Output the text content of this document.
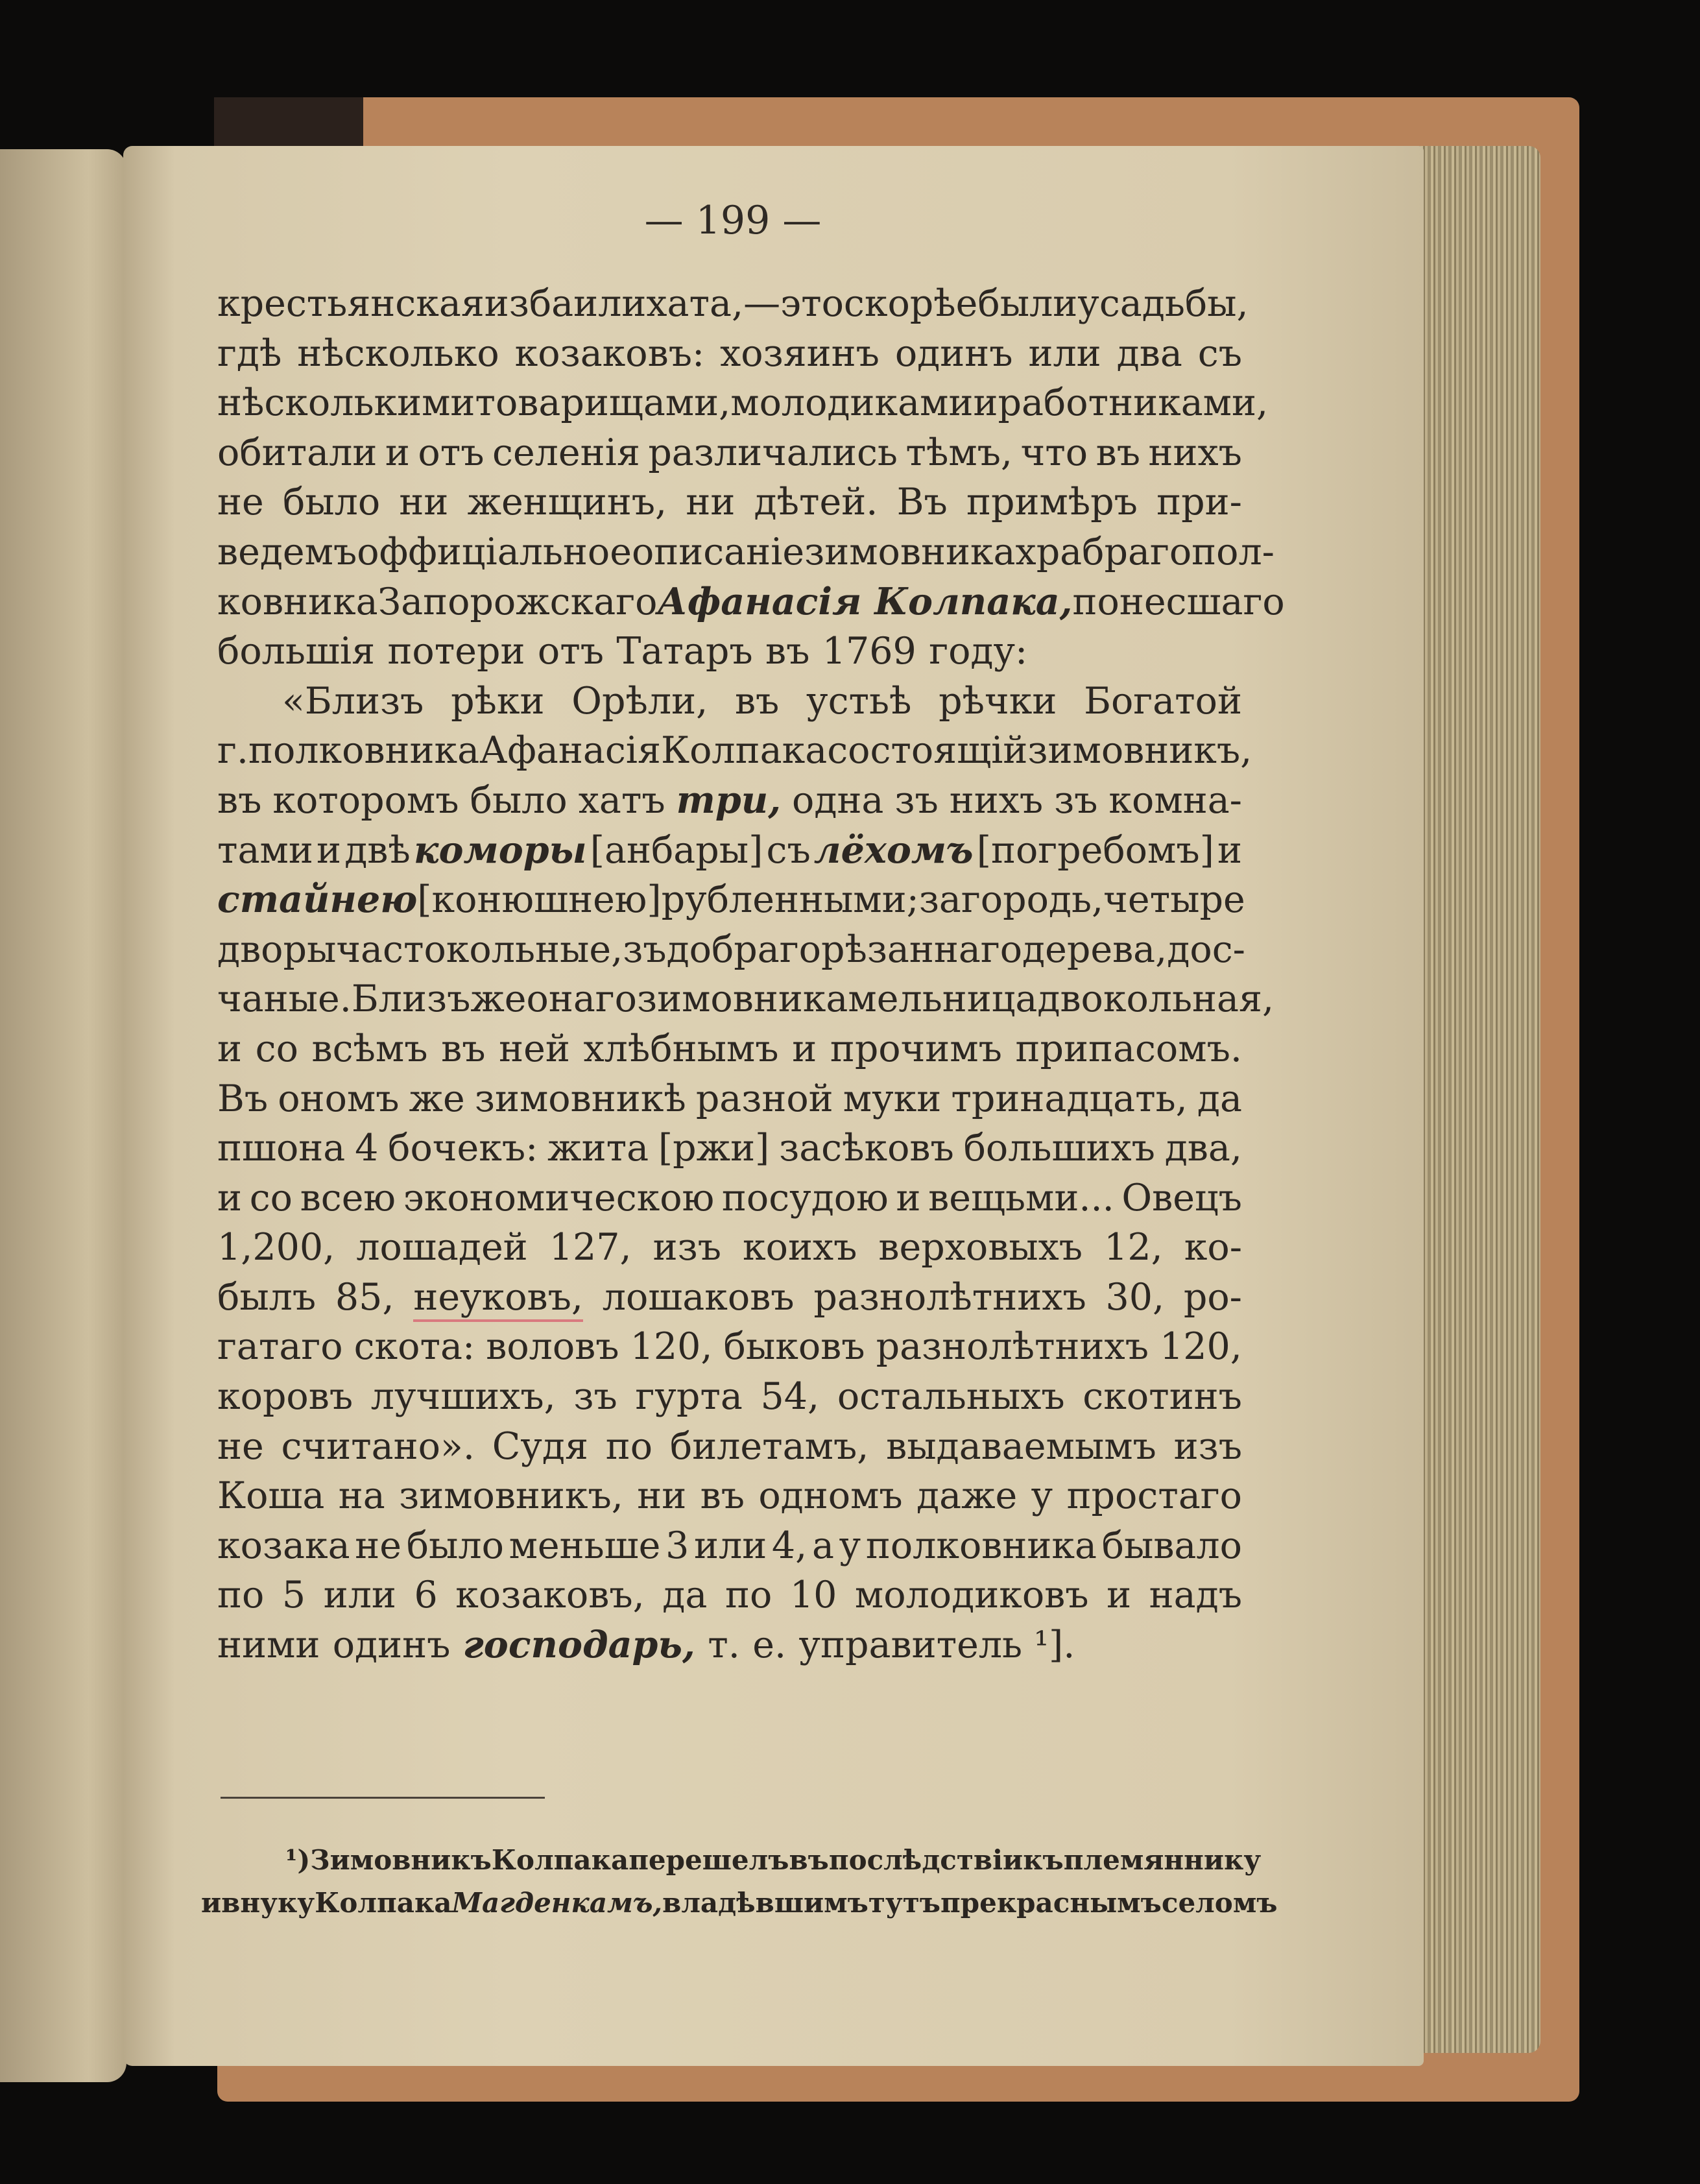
— 199 —
крестьянская изба или хата,—это скорѣе были усадьбы,
гдѣ нѣсколько козаковъ: хозяинъ одинъ или два съ
нѣсколькими товарищами, молодиками и работниками,
обитали и отъ селенія различались тѣмъ, что въ нихъ
не было ни женщинъ, ни дѣтей. Въ примѣръ при-
ведемъ оффиціальное описаніе зимовника храбраго пол-
ковника Запорожскаго Афанасія Колпака, понесшаго
большія потери отъ Татаръ въ 1769 году:
«Близъ рѣки Орѣли, въ устьѣ рѣчки Богатой
г. полковника Афанасія Колпака состоящій зимовникъ,
въ которомъ было хатъ три, одна зъ нихъ зъ комна-
тами и двѣ коморы [анбары] съ лёхомъ [погребомъ] и
стайнею [конюшнею] рубленными; загородь, четыре
дворы частокольные, зъ добраго рѣзаннаго дерева, дос-
чаные. Близъ же онаго зимовника мельница двокольная,
и со всѣмъ въ ней хлѣбнымъ и прочимъ припасомъ.
Въ ономъ же зимовникѣ разной муки тринадцать, да
пшона 4 бочекъ: жита [ржи] засѣковъ большихъ два,
и со всею экономическою посудою и вещьми... Овецъ
1,200, лошадей 127, изъ коихъ верховыхъ 12, ко-
былъ 85, неуковъ, лошаковъ разнолѣтнихъ 30, ро-
гатаго скота: воловъ 120, быковъ разнолѣтнихъ 120,
коровъ лучшихъ, зъ гурта 54, остальныхъ скотинъ
не считано». Судя по билетамъ, выдаваемымъ изъ
Коша на зимовникъ, ни въ одномъ даже у простаго
козака не было меньше 3 или 4, а у полковника бывало
по 5 или 6 козаковъ, да по 10 молодиковъ и надъ
ними одинъ господарь, т. е. управитель ¹].
¹) Зимовникъ Колпака перешелъ въ послѣдствіи къ племяннику
и внуку Колпака Магденкамъ, владѣвшимъ тутъ прекраснымъ селомъ
